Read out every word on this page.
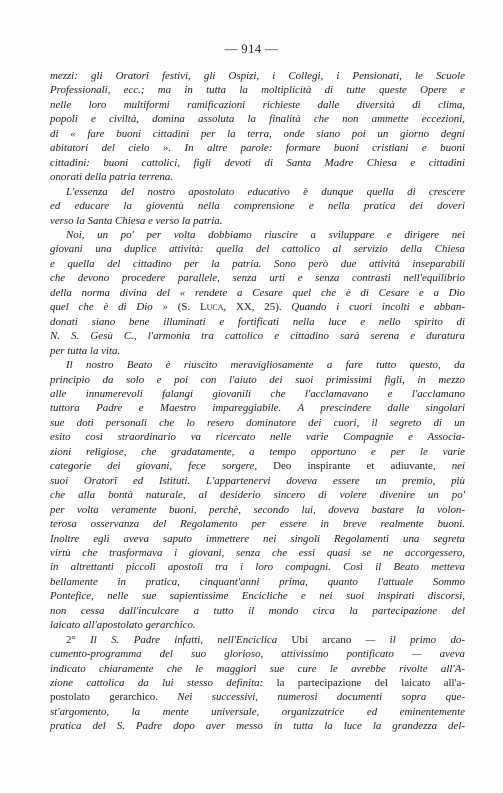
— 914 —
mezzi: gli Oratorî festivi, gli Ospizi, i Collegi, i Pensionati, le Scuole
Professionali, ecc.; ma in tutta la moltiplicità di tutte queste Opere e
nelle loro multiformi ramificazioni richieste dalle diversità di clima,
popoli e civiltà, domina assoluta la finalità che non ammette eccezioni,
di « fare buoni cittadini per la terra, onde siano poi un giorno degni
abitatori del cielo ». In altre parole: formare buoni cristiani e buoni
cittadini: buoni cattolici, figli devoti di Santa Madre Chiesa e cittadini
onorati della patria terrena.
L'essenza del nostro apostolato educativo è dunque quella di crescere
ed educare la gioventù nella comprensione e nella pratica dei doveri
verso la Santa Chiesa e verso la patria.
Noi, un po' per volta dobbiamo riuscire a sviluppare e dirigere nei
giovani una duplice attività: quella del cattolico al servizio della Chiesa
e quella del cittadino per la patria. Sono però due attività inseparabili
che devono procedere parallele, senza urti e senza contrasti nell'equilibrio
della norma divina del « rendete a Cesare quel che è di Cesare e a Dio
quel che è di Dio » (S. Luca, XX, 25). Quando i cuori incolti e abban-
donati siano bene illuminati e fortificati nella luce e nello spirito di
N. S. Gesù C., l'armonia tra cattolico e cittadino sarà serena e duratura
per tutta la vita.
Il nostro Beato è riuscito meravigliosamente a fare tutto questo, da
principio da solo e poi con l'aiuto dei suoi primissimi figli, in mezzo
alle innumerevoli falangi giovanili che l'acclamavano e l'acclamano
tuttora Padre e Maestro impareggiabile. A prescindere dalle singolari
sue doti personali che lo resero dominatore dei cuori, il segreto di un
esito così straordinario va ricercato nelle varie Compagnie e Associa-
zioni religiose, che gradatamente, a tempo opportuno e per le varie
categorie dei giovani, fece sorgere, Deo inspirante et adiuvante, nei
suoi Oratorî ed Istituti. L'appartenervi doveva essere un premio, più
che alla bontà naturale, al desiderio sincero di volere divenire un po'
per volta veramente buoni, perchè, secondo lui, doveva bastare la volon-
terosa osservanza del Regolamento per essere in breve realmente buoni.
Inoltre egli aveva saputo immettere nei singoli Regolamenti una segreta
virtù che trasformava i giovani, senza che essi quasi se ne accorgessero,
in altrettanti piccoli apostoli tra i loro compagni. Così il Beato metteva
bellamente in pratica, cinquant'anni prima, quanto l'attuale Sommo
Pontefice, nelle sue sapientissime Encicliche e nei suoi inspirati discorsi,
non cessa dall'inculcare a tutto il mondo circa la partecipazione del
laicato all'apostolato gerarchico.
2° Il S. Padre infatti, nell'Enciclica Ubi arcano — il primo do-
cumento-programma del suo glorioso, attivissimo pontificato — aveva
indicato chiaramente che le maggiori sue cure le avrebbe rivolte all'A-
zione cattolica da lui stesso definita: la partecipazione del laicato all'a-
postolato gerarchico. Nei successivi, numerosi documenti sopra que-
st'argomento, la mente universale, organizzatrice ed eminentemente
pratica del S. Padre dopo aver messo in tutta la luce la grandezza del-
